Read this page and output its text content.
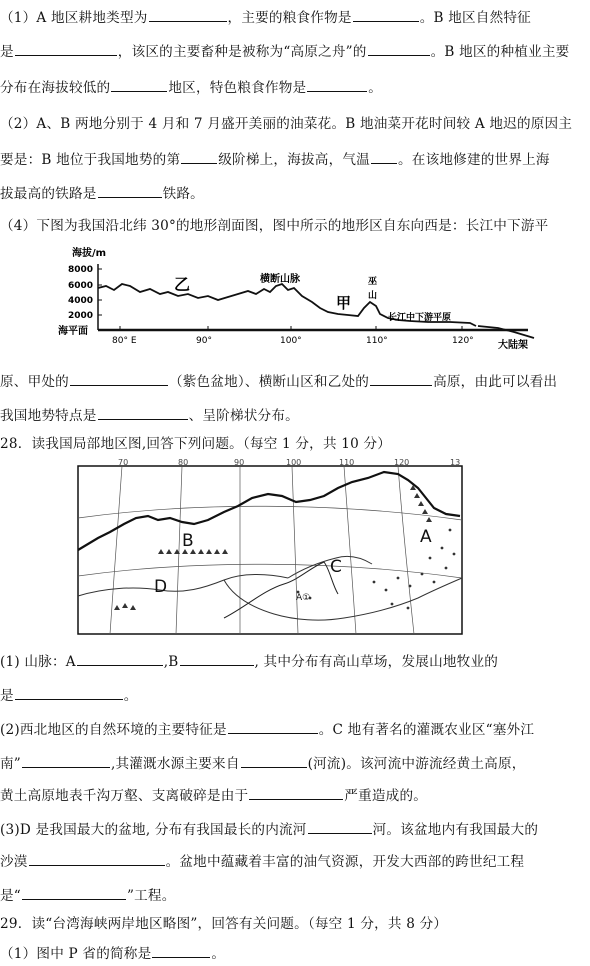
（1）A 地区耕地类型为	，主要的粮食作物是	。B 地区自然特征
是	，该区的主要畜种是被称为“高原之舟”的	。B 地区的种植业主要
分布在海拔较低的	地区，特色粮食作物是	。
（2）A、B 两地分别于 4 月和 7 月盛开美丽的油菜花。B 地油菜开花时间较 A 地迟的原因主
要是：B 地位于我国地势的第	级阶梯上，海拔高，气温 。在该地修建的世界上海
拔最高的铁路是	铁路。
（4）下图为我国沿北纬 30°的地形剖面图，图中所示的地形区自东向西是：长江中下游平
海拔/m
8000
6000
4000
2000
海平面
80° E	90°	100°	110°	120°
乙	横断山脉
甲
巫
山
长江中下游平原
大陆架
原、甲处的	（紫色盆地）、横断山区和乙处的	高原，由此可以看出
我国地势特点是	、呈阶梯状分布。
28．读我国局部地区图,回答下列问题。（每空 1 分，共 10 分）
70	80	90	100	110	120	13
A
B
C
D
A①
(1) 山脉：A	,B	, 其中分布有高山草场，发展山地牧业的
是	。
(2)西北地区的自然环境的主要特征是	。C 地有著名的灌溉农业区“塞外江
南”	,其灌溉水源主要来自	(河流)。该河流中游流经黄土高原，
黄土高原地表千沟万壑、支离破碎是由于	严重造成的。
(3)D 是我国最大的盆地, 分布有我国最长的内流河	河。该盆地内有我国最大的
沙漠	。盆地中蕴藏着丰富的油气资源，开发大西部的跨世纪工程
是“	”工程。
29．读“台湾海峡两岸地区略图”，回答有关问题。（每空 1 分，共 8 分）
（1）图中 P 省的简称是	。
